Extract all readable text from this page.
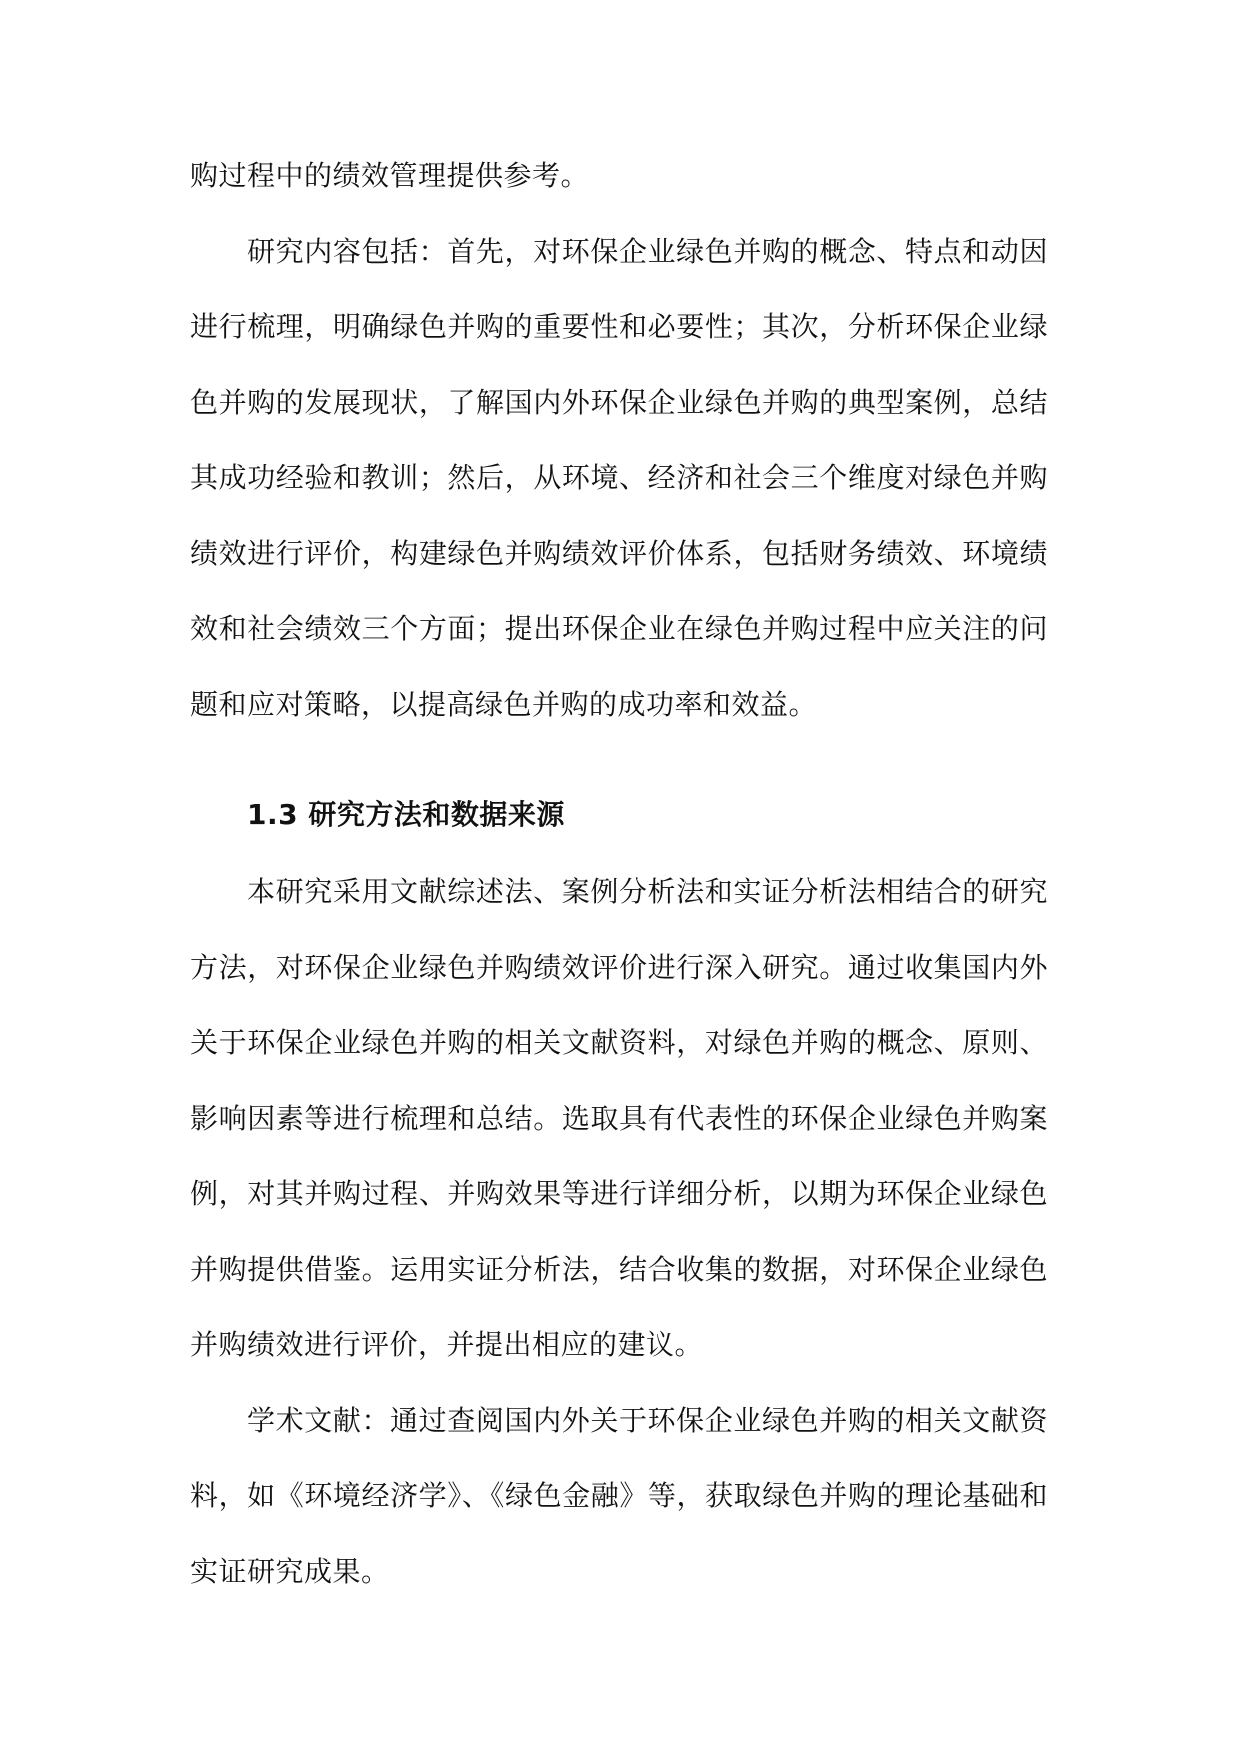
购过程中的绩效管理提供参考。

研究内容包括：首先，对环保企业绿色并购的概念、特点和动因进行梳理，明确绿色并购的重要性和必要性；其次，分析环保企业绿色并购的发展现状，了解国内外环保企业绿色并购的典型案例，总结其成功经验和教训；然后，从环境、经济和社会三个维度对绿色并购绩效进行评价，构建绿色并购绩效评价体系，包括财务绩效、环境绩效和社会绩效三个方面；提出环保企业在绿色并购过程中应关注的问题和应对策略，以提高绿色并购的成功率和效益。

1.3 研究方法和数据来源

本研究采用文献综述法、案例分析法和实证分析法相结合的研究方法，对环保企业绿色并购绩效评价进行深入研究。通过收集国内外关于环保企业绿色并购的相关文献资料，对绿色并购的概念、原则、影响因素等进行梳理和总结。选取具有代表性的环保企业绿色并购案例，对其并购过程、并购效果等进行详细分析，以期为环保企业绿色并购提供借鉴。运用实证分析法，结合收集的数据，对环保企业绿色并购绩效进行评价，并提出相应的建议。

学术文献：通过查阅国内外关于环保企业绿色并购的相关文献资料，如《环境经济学》、《绿色金融》等，获取绿色并购的理论基础和实证研究成果。
